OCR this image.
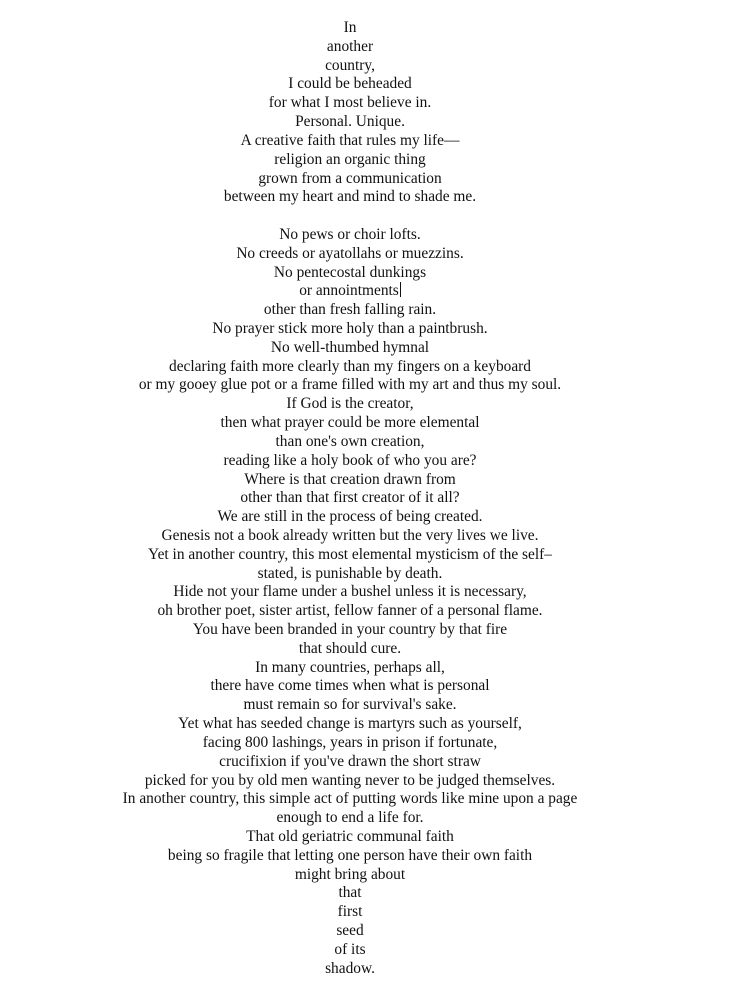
In
another
country,
I could be beheaded
for what I most believe in.
Personal. Unique.
A creative faith that rules my life––
religion an organic thing
grown from a communication
between my heart and mind to shade me.
No pews or choir lofts.
No creeds or ayatollahs or muezzins.
No pentecostal dunkings
or annointments
other than fresh falling rain.
No prayer stick more holy than a paintbrush.
No well-thumbed hymnal
declaring faith more clearly than my fingers on a keyboard
or my gooey glue pot or a frame filled with my art and thus my soul.
If God is the creator,
then what prayer could be more elemental
than one's own creation,
reading like a holy book of who you are?
Where is that creation drawn from
other than that first creator of it all?
We are still in the process of being created.
Genesis not a book already written but the very lives we live.
Yet in another country, this most elemental mysticism of the self–
stated, is punishable by death.
Hide not your flame under a bushel unless it is necessary,
oh brother poet, sister artist, fellow fanner of a personal flame.
You have been branded in your country by that fire
that should cure.
In many countries, perhaps all,
there have come times when what is personal
must remain so for survival's sake.
Yet what has seeded change is martyrs such as yourself,
facing 800 lashings, years in prison if fortunate,
crucifixion if you've drawn the short straw
picked for you by old men wanting never to be judged themselves.
In another country, this simple act of putting words like mine upon a page
enough to end a life for.
That old geriatric communal faith
being so fragile that letting one person have their own faith
might bring about
that
first
seed
of its
shadow.
